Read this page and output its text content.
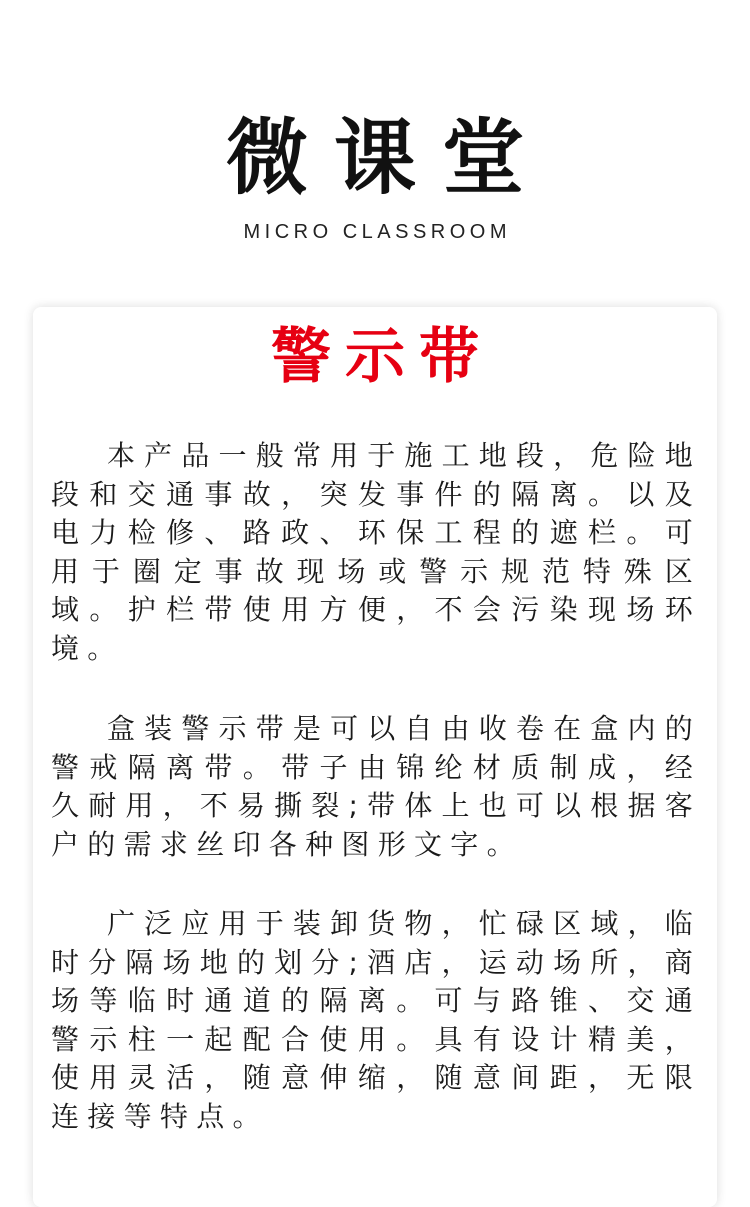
微课堂
MICRO CLASSROOM
警示带

本产品一般常用于施工地段，危险地段和交通事故，突发事件的隔离。以及电力检修、路政、环保工程的遮栏。可用于圈定事故现场或警示规范特殊区域。护栏带使用方便，不会污染现场环境。

盒装警示带是可以自由收卷在盒内的警戒隔离带。带子由锦纶材质制成，经久耐用，不易撕裂;带体上也可以根据客户的需求丝印各种图形文字。

广泛应用于装卸货物，忙碌区域，临时分隔场地的划分;酒店，运动场所，商场等临时通道的隔离。可与路锥、交通警示柱一起配合使用。具有设计精美，使用灵活，随意伸缩，随意间距，无限连接等特点。
